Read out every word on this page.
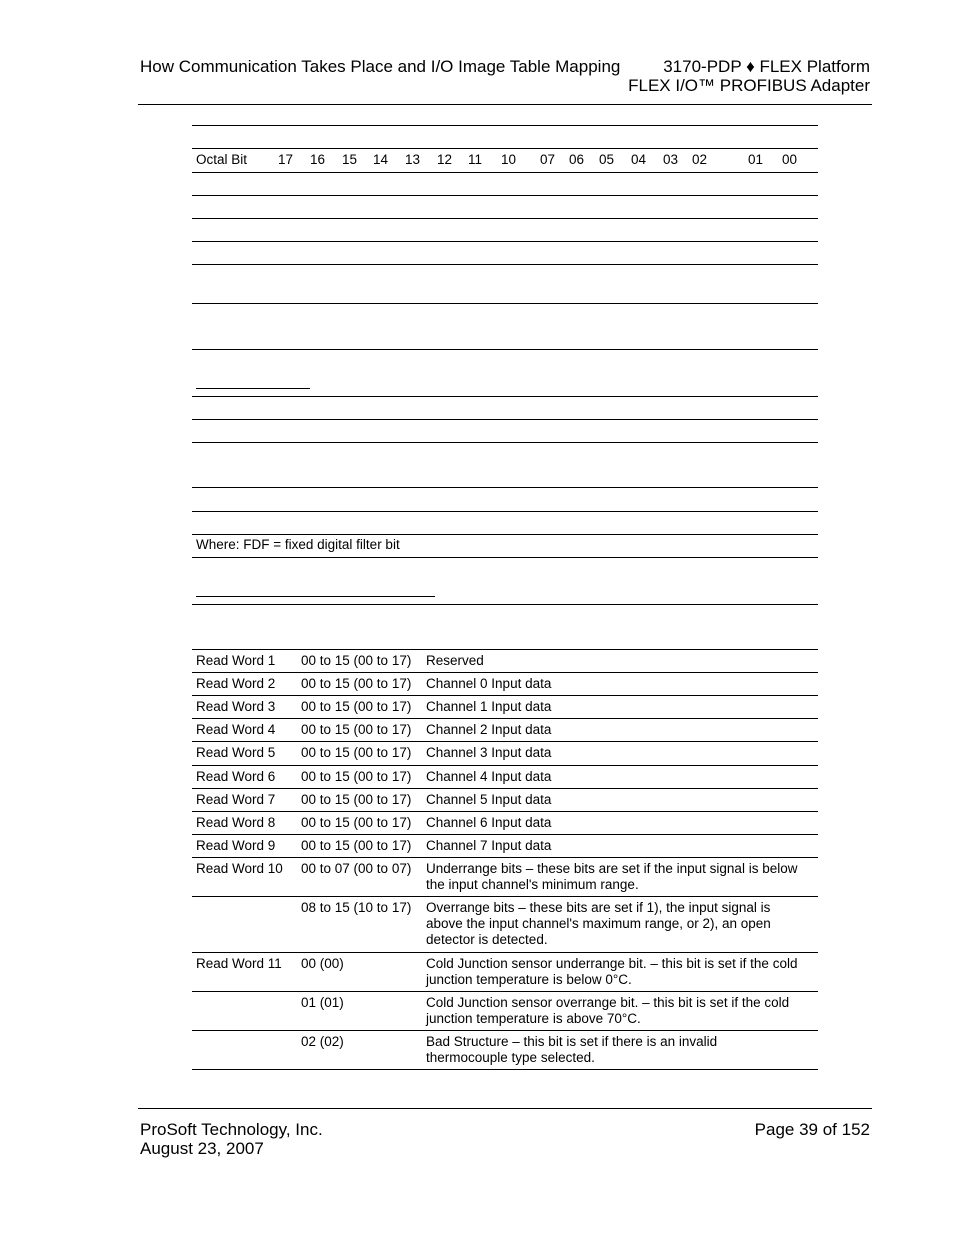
How Communication Takes Place and I/O Image Table Mapping	3170-PDP ♦ FLEX Platform
FLEX I/O™ PROFIBUS Adapter
Octal Bit 17 16 15 14 13 12 11 10 07 06 05 04 03 02	01 00
Where: FDF = fixed digital filter bit
Read Word 1 00 to 15 (00 to 17) Reserved
Read Word 2 00 to 15 (00 to 17) Channel 0 Input data
Read Word 3 00 to 15 (00 to 17) Channel 1 Input data
Read Word 4 00 to 15 (00 to 17) Channel 2 Input data
Read Word 5 00 to 15 (00 to 17) Channel 3 Input data
Read Word 6 00 to 15 (00 to 17) Channel 4 Input data
Read Word 7 00 to 15 (00 to 17) Channel 5 Input data
Read Word 8 00 to 15 (00 to 17) Channel 6 Input data
Read Word 9 00 to 15 (00 to 17) Channel 7 Input data
Read Word 10 00 to 07 (00 to 07) Underrange bits – these bits are set if the input signal is below the input channel's minimum range.
08 to 15 (10 to 17) Overrange bits – these bits are set if 1), the input signal is above the input channel's maximum range, or 2), an open detector is detected.
Read Word 11 00 (00)	Cold Junction sensor underrange bit. – this bit is set if the cold junction temperature is below 0°C.
01 (01)	Cold Junction sensor overrange bit. – this bit is set if the cold junction temperature is above 70°C.
02 (02)	Bad Structure – this bit is set if there is an invalid thermocouple type selected.
ProSoft Technology, Inc.
August 23, 2007
Page 39 of 152
